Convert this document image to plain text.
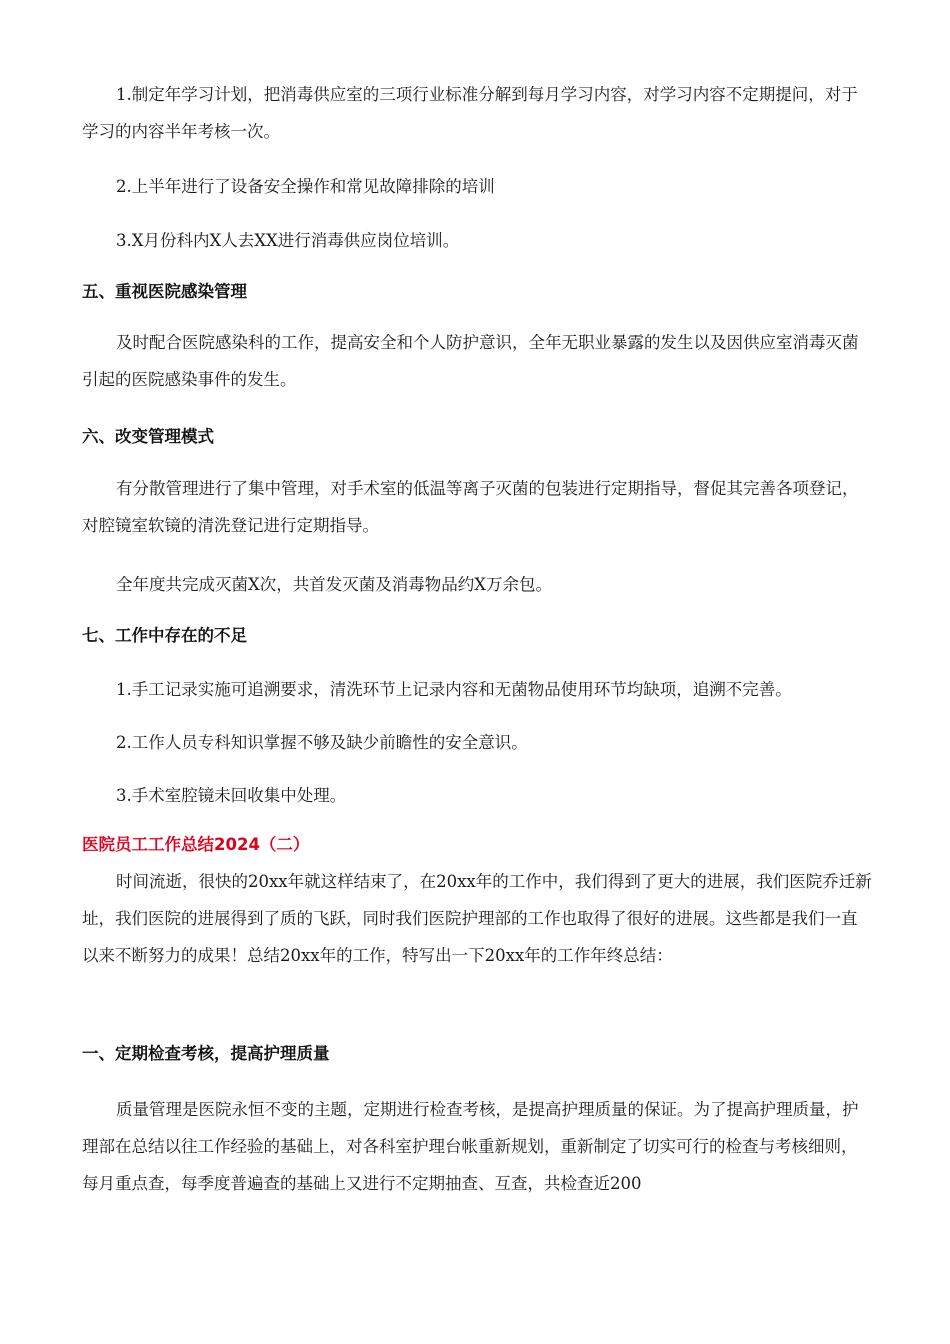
1.制定年学习计划，把消毒供应室的三项行业标准分解到每月学习内容，对学习内容不定期提问，对于学习的内容半年考核一次。

2.上半年进行了设备安全操作和常见故障排除的培训

3.X月份科内X人去XX进行消毒供应岗位培训。

五、重视医院感染管理

及时配合医院感染科的工作，提高安全和个人防护意识，全年无职业暴露的发生以及因供应室消毒灭菌引起的医院感染事件的发生。

六、改变管理模式

有分散管理进行了集中管理，对手术室的低温等离子灭菌的包装进行定期指导，督促其完善各项登记，对腔镜室软镜的清洗登记进行定期指导。

全年度共完成灭菌X次，共首发灭菌及消毒物品约X万余包。

七、工作中存在的不足

1.手工记录实施可追溯要求，清洗环节上记录内容和无菌物品使用环节均缺项，追溯不完善。

2.工作人员专科知识掌握不够及缺少前瞻性的安全意识。

3.手术室腔镜未回收集中处理。

医院员工工作总结2024（二）

时间流逝，很快的20xx年就这样结束了，在20xx年的工作中，我们得到了更大的进展，我们医院乔迁新址，我们医院的进展得到了质的飞跃，同时我们医院护理部的工作也取得了很好的进展。这些都是我们一直以来不断努力的成果！总结20xx年的工作，特写出一下20xx年的工作年终总结：

一、定期检查考核，提高护理质量

质量管理是医院永恒不变的主题，定期进行检查考核，是提高护理质量的保证。为了提高护理质量，护理部在总结以往工作经验的基础上，对各科室护理台帐重新规划，重新制定了切实可行的检查与考核细则，每月重点查，每季度普遍查的基础上又进行不定期抽查、互查，共检查近200
